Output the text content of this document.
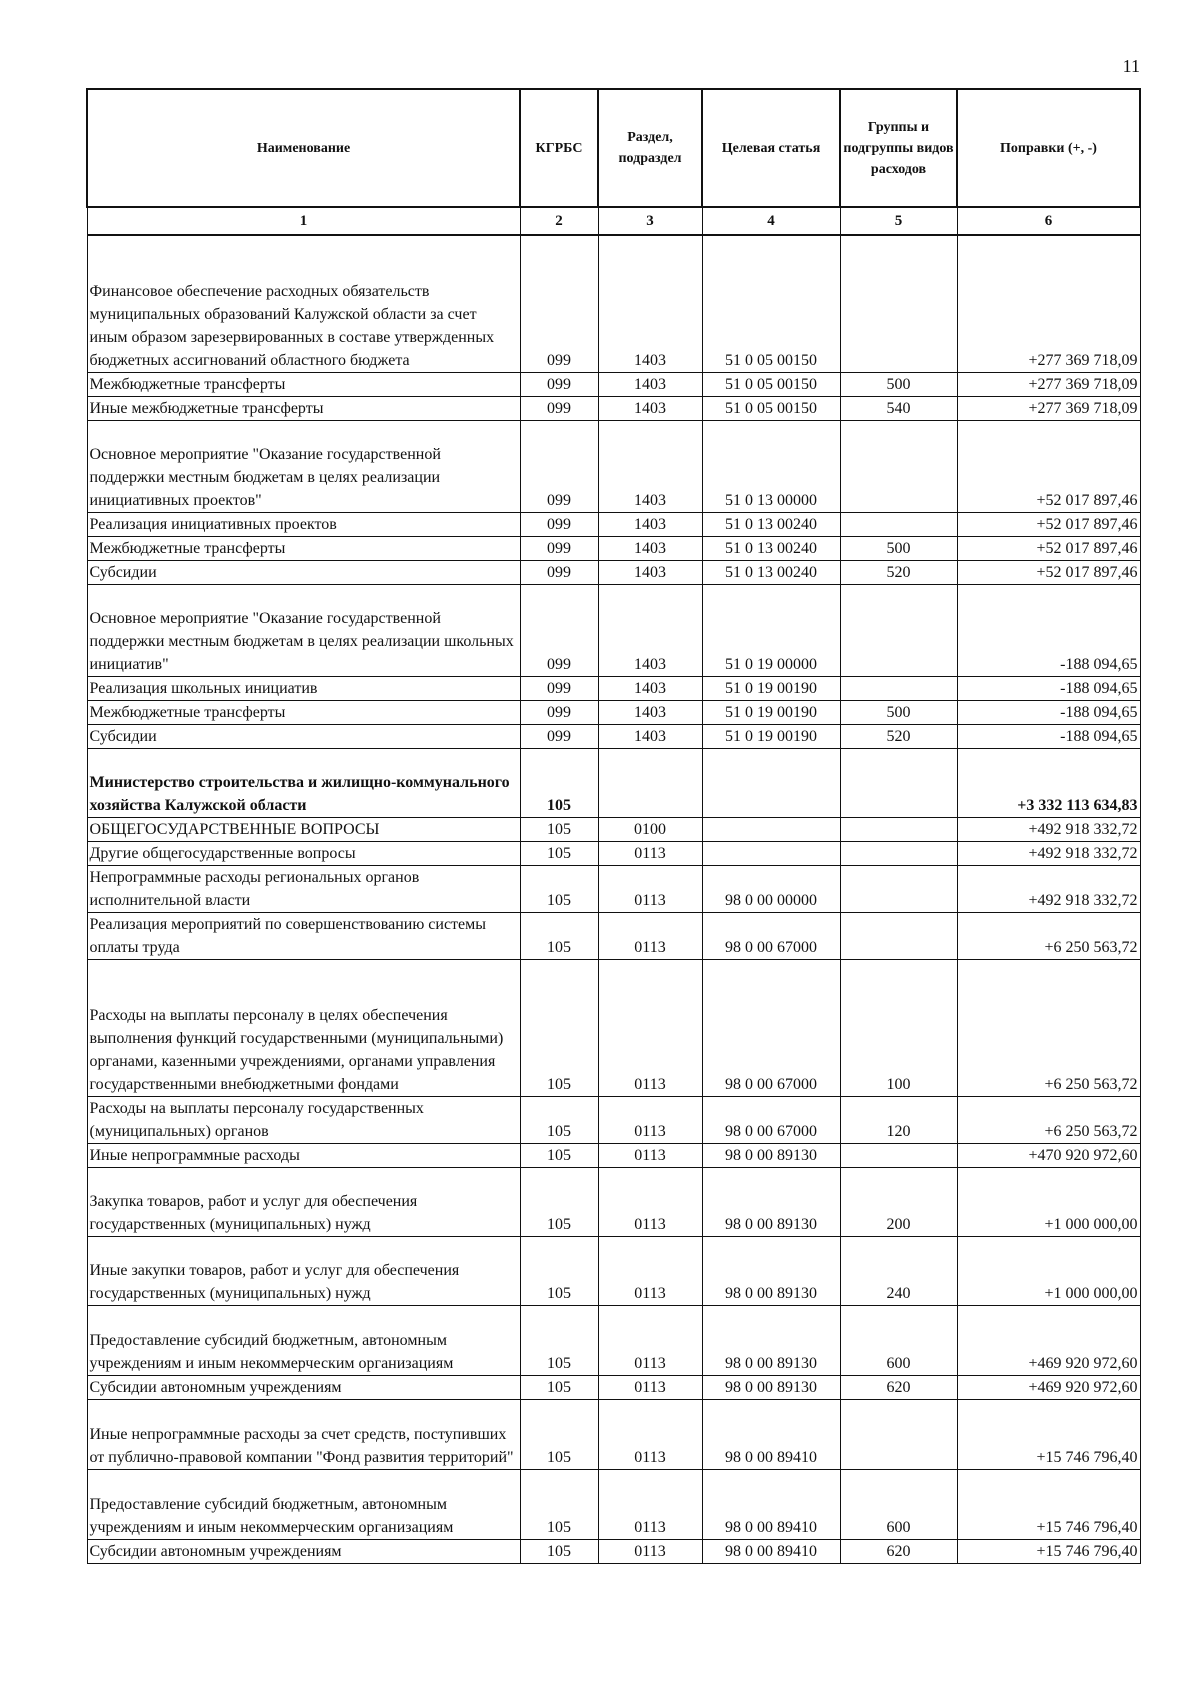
11
Наименование	КГРБС	Раздел, подраздел	Целевая статья	Группы и подгруппы видов расходов	Поправки (+, -)
1	2	3	4	5	6
Финансовое обеспечение расходных обязательств муниципальных образований Калужской области за счет иным образом зарезервированных в составе утвержденных бюджетных ассигнований областного бюджета	099	1403	51 0 05 00150		+277 369 718,09
Межбюджетные трансферты	099	1403	51 0 05 00150	500	+277 369 718,09
Иные межбюджетные трансферты	099	1403	51 0 05 00150	540	+277 369 718,09
Основное мероприятие "Оказание государственной поддержки местным бюджетам в целях реализации инициативных проектов"	099	1403	51 0 13 00000		+52 017 897,46
Реализация инициативных проектов	099	1403	51 0 13 00240		+52 017 897,46
Межбюджетные трансферты	099	1403	51 0 13 00240	500	+52 017 897,46
Субсидии	099	1403	51 0 13 00240	520	+52 017 897,46
Основное мероприятие "Оказание государственной поддержки местным бюджетам в целях реализации школьных инициатив"	099	1403	51 0 19 00000		-188 094,65
Реализация школьных инициатив	099	1403	51 0 19 00190		-188 094,65
Межбюджетные трансферты	099	1403	51 0 19 00190	500	-188 094,65
Субсидии	099	1403	51 0 19 00190	520	-188 094,65
Министерство строительства и жилищно-коммунального хозяйства Калужской области	105				+3 332 113 634,83
ОБЩЕГОСУДАРСТВЕННЫЕ ВОПРОСЫ	105	0100			+492 918 332,72
Другие общегосударственные вопросы	105	0113			+492 918 332,72
Непрограммные расходы региональных органов исполнительной власти	105	0113	98 0 00 00000		+492 918 332,72
Реализация мероприятий по совершенствованию системы оплаты труда	105	0113	98 0 00 67000		+6 250 563,72
Расходы на выплаты персоналу в целях обеспечения выполнения функций государственными (муниципальными) органами, казенными учреждениями, органами управления государственными внебюджетными фондами	105	0113	98 0 00 67000	100	+6 250 563,72
Расходы на выплаты персоналу государственных (муниципальных) органов	105	0113	98 0 00 67000	120	+6 250 563,72
Иные непрограммные расходы	105	0113	98 0 00 89130		+470 920 972,60
Закупка товаров, работ и услуг для обеспечения государственных (муниципальных) нужд	105	0113	98 0 00 89130	200	+1 000 000,00
Иные закупки товаров, работ и услуг для обеспечения государственных (муниципальных) нужд	105	0113	98 0 00 89130	240	+1 000 000,00
Предоставление субсидий бюджетным, автономным учреждениям и иным некоммерческим организациям	105	0113	98 0 00 89130	600	+469 920 972,60
Субсидии автономным учреждениям	105	0113	98 0 00 89130	620	+469 920 972,60
Иные непрограммные расходы за счет средств, поступивших от публично-правовой компании "Фонд развития территорий"	105	0113	98 0 00 89410		+15 746 796,40
Предоставление субсидий бюджетным, автономным учреждениям и иным некоммерческим организациям	105	0113	98 0 00 89410	600	+15 746 796,40
Субсидии автономным учреждениям	105	0113	98 0 00 89410	620	+15 746 796,40
